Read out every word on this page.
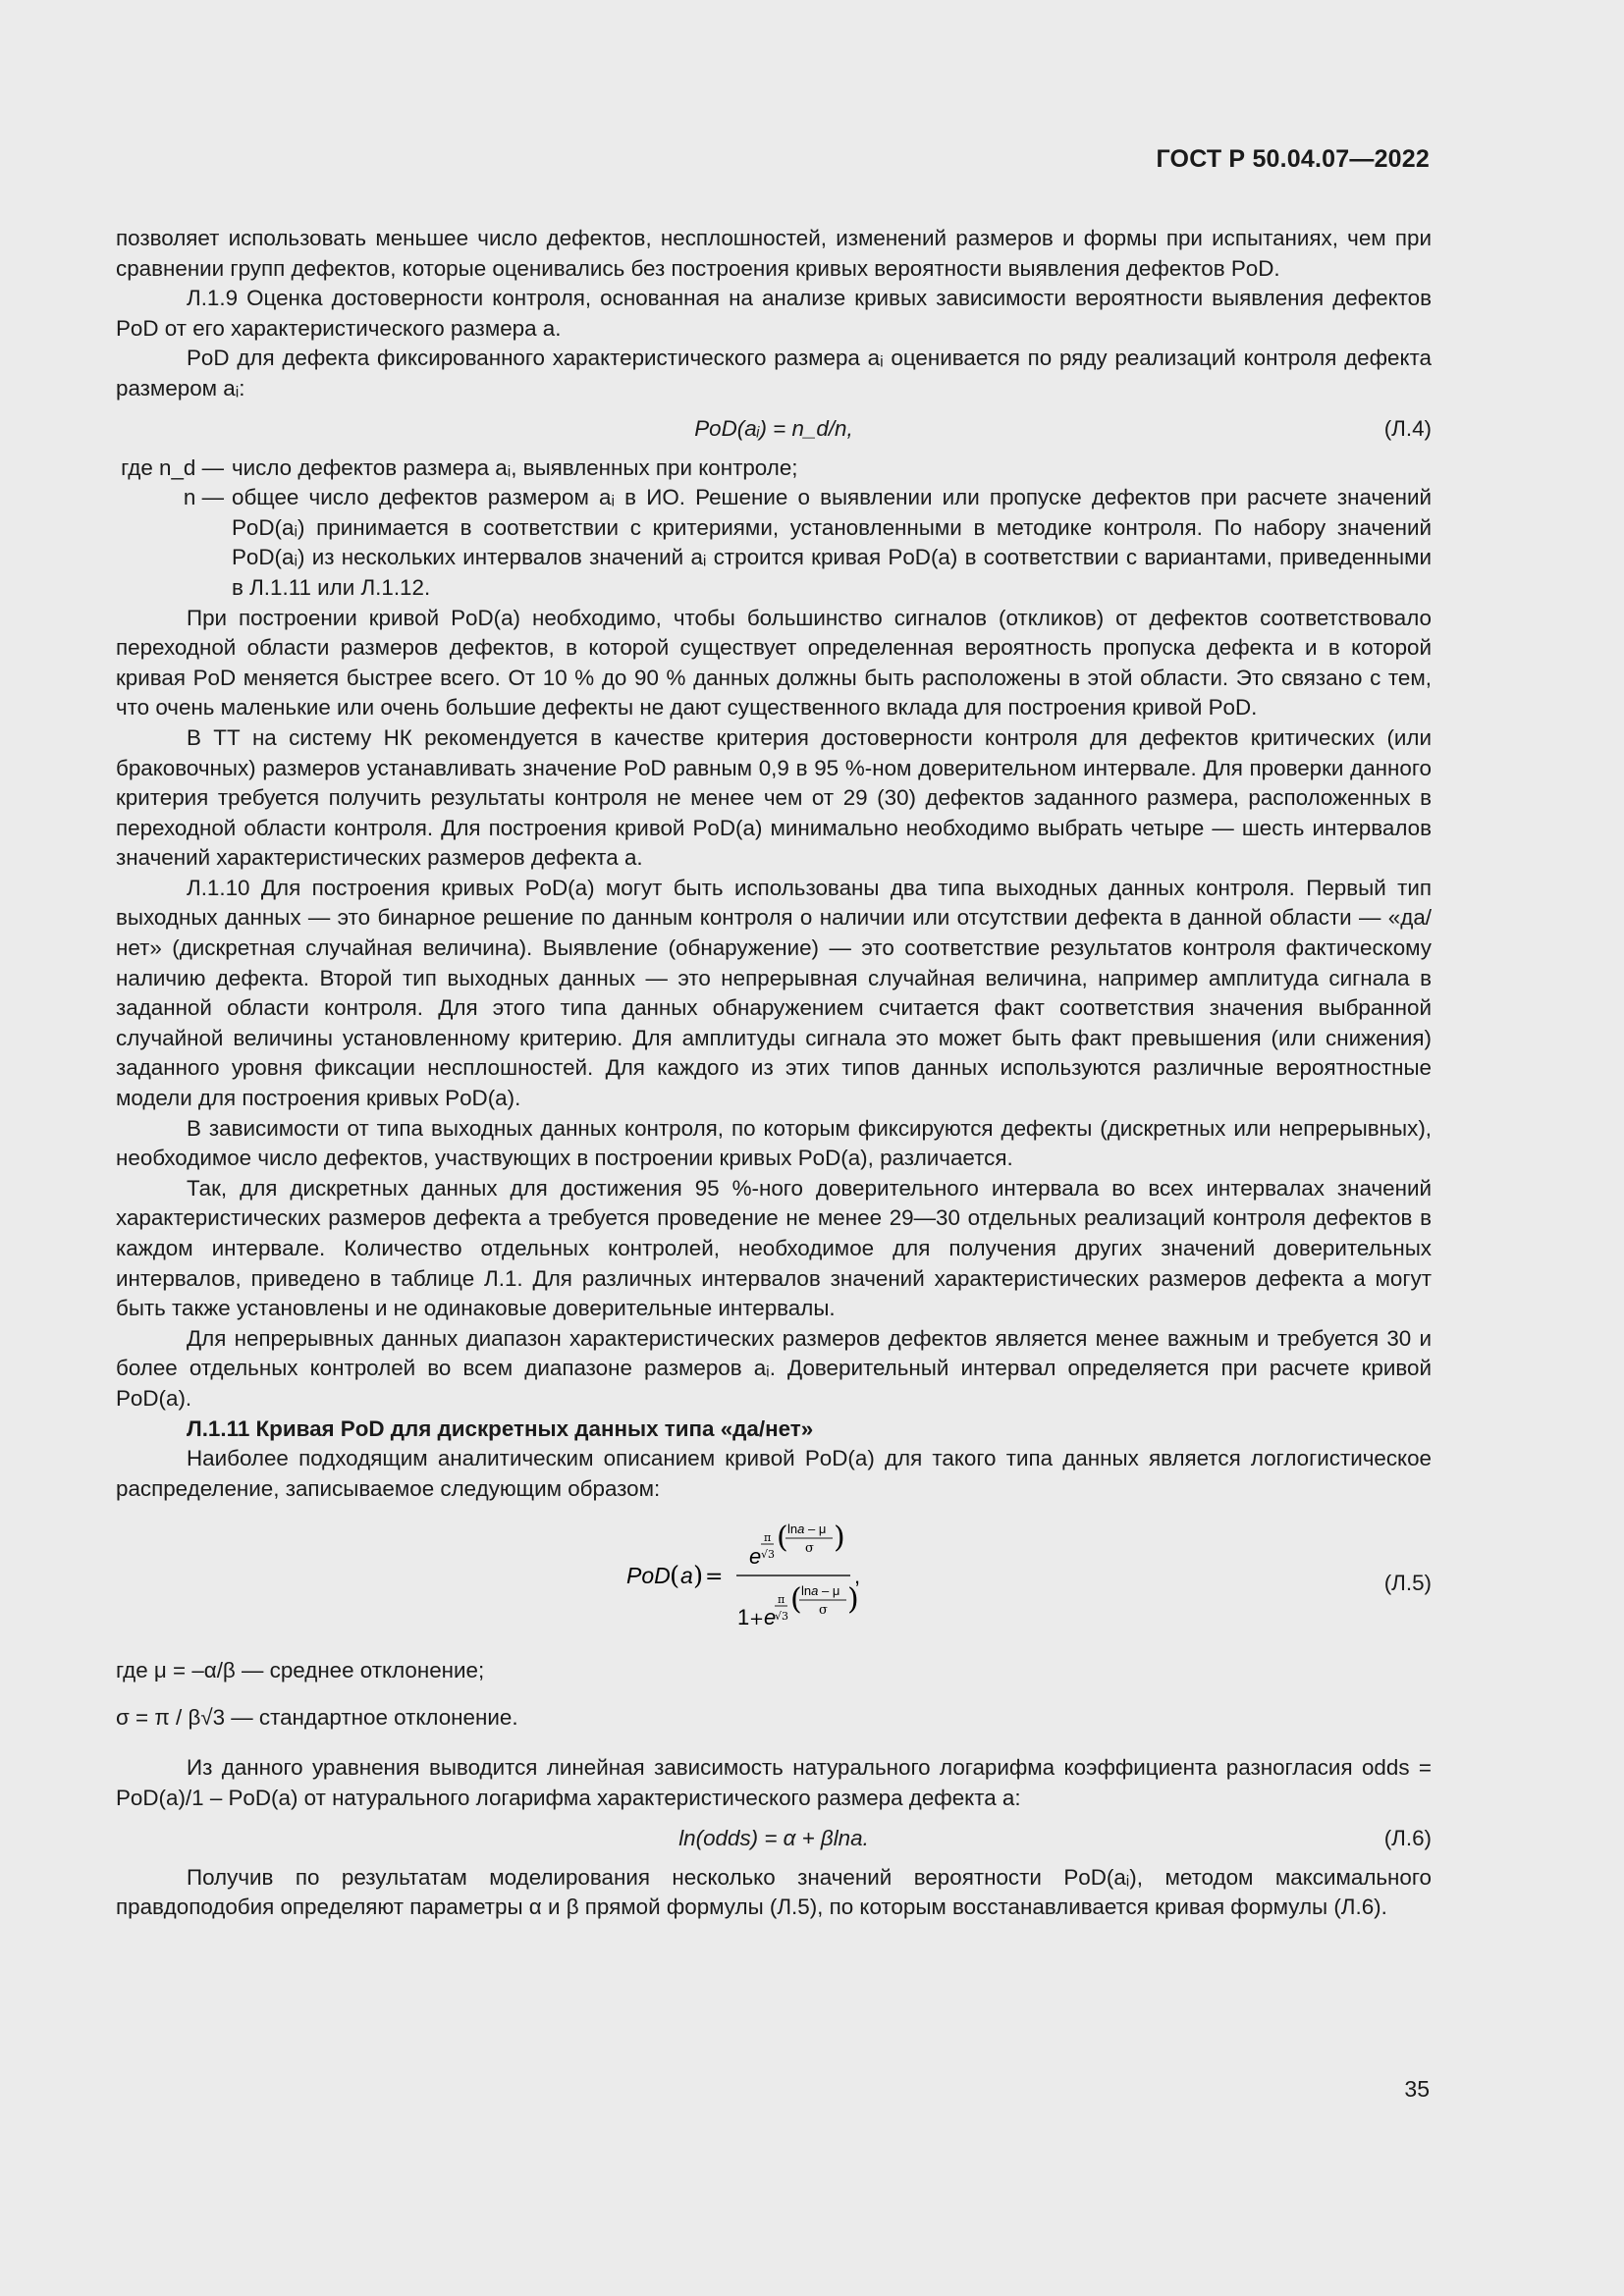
ГОСТ Р 50.04.07—2022

позволяет использовать меньшее число дефектов, несплошностей, изменений размеров и формы при испытаниях, чем при сравнении групп дефектов, которые оценивались без построения кривых вероятности выявления дефектов PoD.

Л.1.9 Оценка достоверности контроля, основанная на анализе кривых зависимости вероятности выявления дефектов PoD от его характеристического размера a.

PoD для дефекта фиксированного характеристического размера aᵢ оценивается по ряду реализаций контроля дефекта размером aᵢ:

PoD(aᵢ) = n_d/n,	(Л.4)
где n_d — число дефектов размера aᵢ, выявленных при контроле;
n — общее число дефектов размером aᵢ в ИО. Решение о выявлении или пропуске дефектов при расчете значений PoD(aᵢ) принимается в соответствии с критериями, установленными в методике контроля. По набору значений PoD(aᵢ) из нескольких интервалов значений aᵢ строится кривая PoD(a) в соответствии с вариантами, приведенными в Л.1.11 или Л.1.12.

При построении кривой PoD(a) необходимо, чтобы большинство сигналов (откликов) от дефектов соответствовало переходной области размеров дефектов, в которой существует определенная вероятность пропуска дефекта и в которой кривая PoD меняется быстрее всего. От 10 % до 90 % данных должны быть расположены в этой области. Это связано с тем, что очень маленькие или очень большие дефекты не дают существенного вклада для построения кривой PoD.

В ТТ на систему НК рекомендуется в качестве критерия достоверности контроля для дефектов критических (или браковочных) размеров устанавливать значение PoD равным 0,9 в 95 %-ном доверительном интервале. Для проверки данного критерия требуется получить результаты контроля не менее чем от 29 (30) дефектов заданного размера, расположенных в переходной области контроля. Для построения кривой PoD(a) минимально необходимо выбрать четыре — шесть интервалов значений характеристических размеров дефекта a.

Л.1.10 Для построения кривых PoD(a) могут быть использованы два типа выходных данных контроля. Первый тип выходных данных — это бинарное решение по данным контроля о наличии или отсутствии дефекта в данной области — «да/нет» (дискретная случайная величина). Выявление (обнаружение) — это соответствие результатов контроля фактическому наличию дефекта. Второй тип выходных данных — это непрерывная случайная величина, например амплитуда сигнала в заданной области контроля. Для этого типа данных обнаружением считается факт соответствия значения выбранной случайной величины установленному критерию. Для амплитуды сигнала это может быть факт превышения (или снижения) заданного уровня фиксации несплошностей. Для каждого из этих типов данных используются различные вероятностные модели для построения кривых PoD(a).

В зависимости от типа выходных данных контроля, по которым фиксируются дефекты (дискретных или непрерывных), необходимое число дефектов, участвующих в построении кривых PoD(a), различается.

Так, для дискретных данных для достижения 95 %-ного доверительного интервала во всех интервалах значений характеристических размеров дефекта a требуется проведение не менее 29—30 отдельных реализаций контроля дефектов в каждом интервале. Количество отдельных контролей, необходимое для получения других значений доверительных интервалов, приведено в таблице Л.1. Для различных интервалов значений характеристических размеров дефекта a могут быть также установлены и не одинаковые доверительные интервалы.

Для непрерывных данных диапазон характеристических размеров дефектов является менее важным и требуется 30 и более отдельных контролей во всем диапазоне размеров aᵢ. Доверительный интервал определяется при расчете кривой PoD(a).

Л.1.11 Кривая PoD для дискретных данных типа «да/нет»

Наиболее подходящим аналитическим описанием кривой PoD(a) для такого типа данных является логлогистическое распределение, записываемое следующим образом:

PoD ( a ) =
e
π
√3 ( lna – μ
σ )
1 + e
π
√3 ( lna – μ
σ )
,	(Л.5)
где μ = –α/β — среднее отклонение;
σ = π / β√3 — стандартное отклонение.

Из данного уравнения выводится линейная зависимость натурального логарифма коэффициента разногласия odds = PoD(a)/1 – PoD(a) от натурального логарифма характеристического размера дефекта a:

ln(odds) = α + βlna.	(Л.6)

Получив по результатам моделирования несколько значений вероятности PoD(aᵢ), методом максимального правдоподобия определяют параметры α и β прямой формулы (Л.5), по которым восстанавливается кривая формулы (Л.6).

35
